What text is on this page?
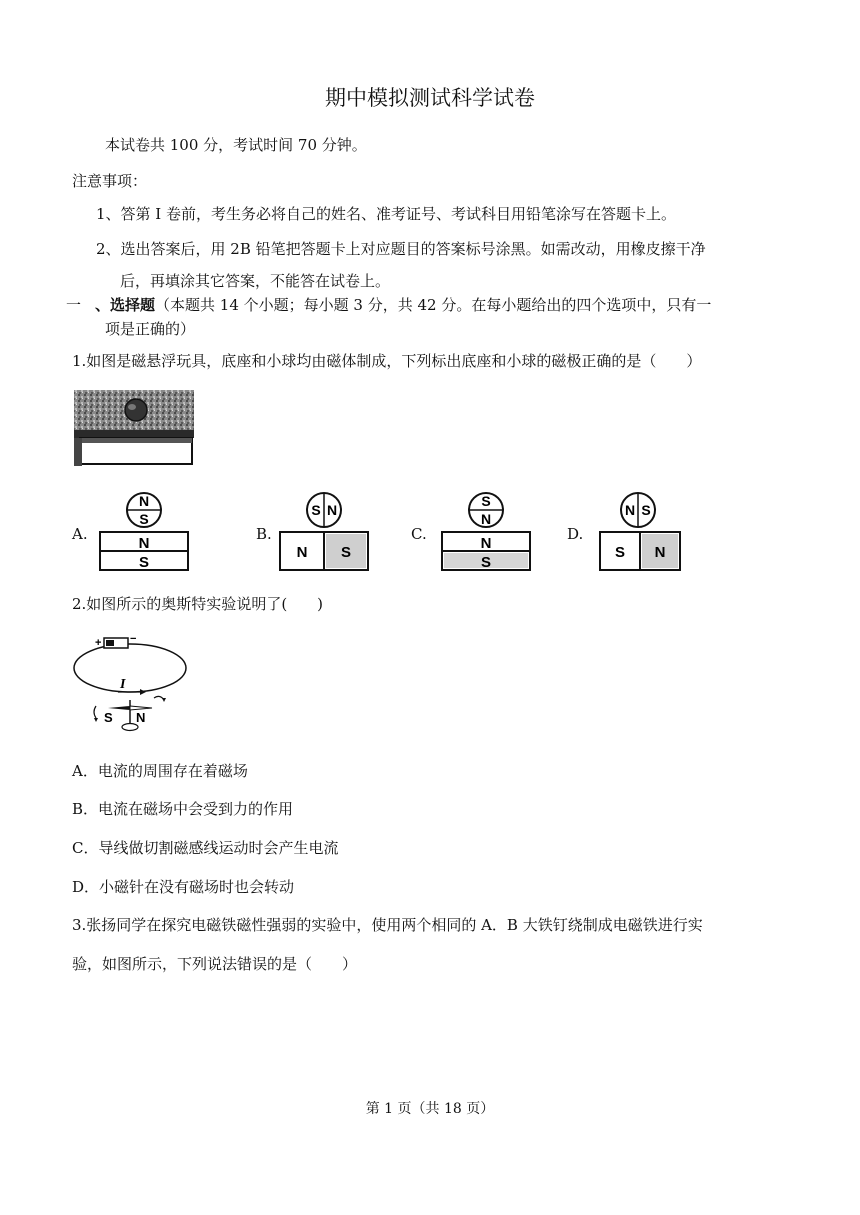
期中模拟测试科学试卷
本试卷共 100 分，考试时间 70 分钟。
注意事项：
1、答第 I 卷前，考生务必将自己的姓名、准考证号、考试科目用铅笔涂写在答题卡上。
2、选出答案后，用 2B 铅笔把答题卡上对应题目的答案标号涂黑。如需改动，用橡皮擦干净
后，再填涂其它答案，不能答在试卷上。
一 、选择题（本题共 14 个小题；每小题 3 分，共 42 分。在每小题给出的四个选项中，只有一
项是正确的）
1.如图是磁悬浮玩具，底座和小球均由磁体制成，下列标出底座和小球的磁极正确的是（　　）
A.
N
S
N
S
B.
S N
N S
C.
S
N
N
S
D.
N S
S N
2.如图所示的奥斯特实验说明了(　　)
+	−
I
S N
A．电流的周围存在着磁场
B．电流在磁场中会受到力的作用
C．导线做切割磁感线运动时会产生电流
D．小磁针在没有磁场时也会转动
3.张扬同学在探究电磁铁磁性强弱的实验中，使用两个相同的 A．B 大铁钉绕制成电磁铁进行实
验，如图所示，下列说法错误的是（　　）
第 1 页（共 18 页）
